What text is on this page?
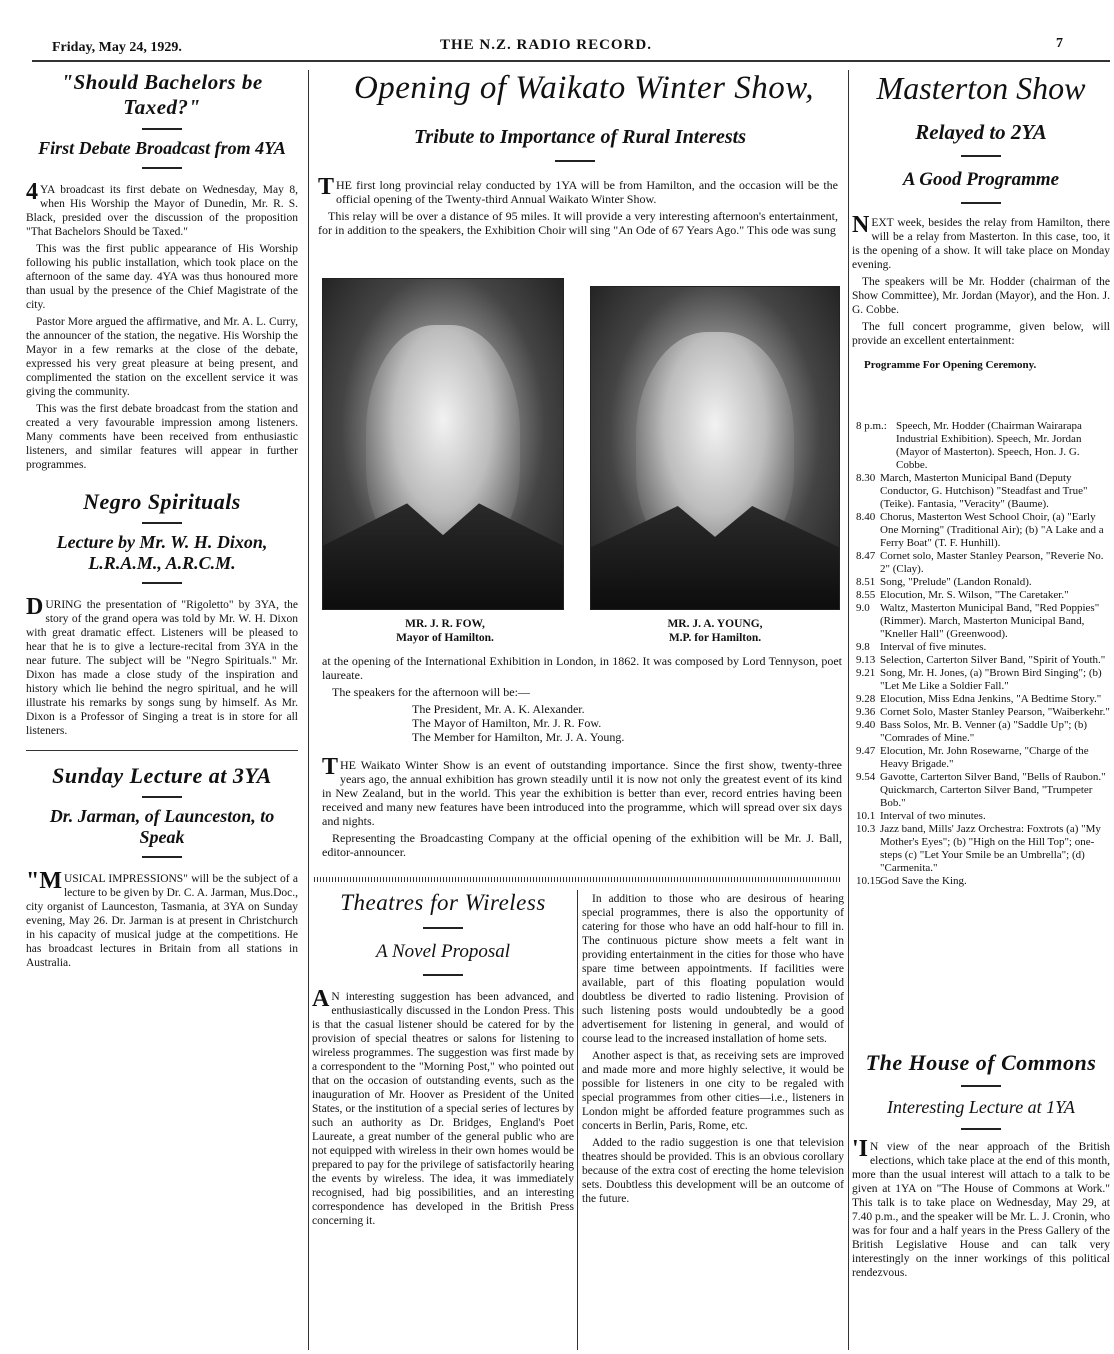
Friday, May 24, 1929.	THE N.Z. RADIO RECORD.	7
"Should Bachelors be Taxed?"
First Debate Broadcast from 4YA

4 YA broadcast its first debate on Wednesday, May 8, when His Worship the Mayor of Dunedin, Mr. R. S. Black, presided over the discussion of the proposition "That Bachelors Should be Taxed."

This was the first public appearance of His Worship following his public installation, which took place on the afternoon of the same day. 4YA was thus honoured more than usual by the presence of the Chief Magistrate of the city.

Pastor More argued the affirmative, and Mr. A. L. Curry, the announcer of the station, the negative. His Worship the Mayor in a few remarks at the close of the debate, expressed his very great pleasure at being present, and complimented the station on the excellent service it was giving the community.

This was the first debate broadcast from the station and created a very favourable impression among listeners. Many comments have been received from enthusiastic listeners, and similar features will appear in further programmes.

Negro Spirituals
Lecture by Mr. W. H. Dixon, L.R.A.M., A.R.C.M.

DURING the presentation of "Rigoletto" by 3YA, the story of the grand opera was told by Mr. W. H. Dixon with great dramatic effect. Listeners will be pleased to hear that he is to give a lecture-recital from 3YA in the near future. The subject will be "Negro Spirituals." Mr. Dixon has made a close study of the inspiration and history which lie behind the negro spiritual, and he will illustrate his remarks by songs sung by himself. As Mr. Dixon is a Professor of Singing a treat is in store for all listeners.

Sunday Lecture at 3YA
Dr. Jarman, of Launceston, to Speak

"MUSICAL IMPRESSIONS" will be the subject of a lecture to be given by Dr. C. A. Jarman, Mus.Doc., city organist of Launceston, Tasmania, at 3YA on Sunday evening, May 26. Dr. Jarman is at present in Christchurch in his capacity of musical judge at the competitions. He has broadcast lectures in Britain from all stations in Australia.

Opening of Waikato Winter Show,
Tribute to Importance of Rural Interests

THE first long provincial relay conducted by 1YA will be from Hamilton, and the occasion will be the official opening of the Twenty-third Annual Waikato Winter Show.

This relay will be over a distance of 95 miles. It will provide a very interesting afternoon's entertainment, for in addition to the speakers, the Exhibition Choir will sing "An Ode of 67 Years Ago." This ode was sung

MR. J. R. FOW,
Mayor of Hamilton.
MR. J. A. YOUNG,
M.P. for Hamilton.

at the opening of the International Exhibition in London, in 1862. It was composed by Lord Tennyson, poet laureate.

The speakers for the afternoon will be:—

The President, Mr. A. K. Alexander.
The Mayor of Hamilton, Mr. J. R. Fow.
The Member for Hamilton, Mr. J. A. Young.

THE Waikato Winter Show is an event of outstanding importance. Since the first show, twenty-three years ago, the annual exhibition has grown steadily until it is now not only the greatest event of its kind in New Zealand, but in the world. This year the exhibition is better than ever, record entries having been received and many new features have been introduced into the programme, which will spread over six days and nights.

Representing the Broadcasting Company at the official opening of the exhibition will be Mr. J. Ball, editor-announcer.

Theatres for Wireless
A Novel Proposal

A N interesting suggestion has been advanced, and enthusiastically discussed in the London Press. This is that the casual listener should be catered for by the provision of special theatres or salons for listening to wireless programmes. The suggestion was first made by a correspondent to the "Morning Post," who pointed out that on the occasion of outstanding events, such as the inauguration of Mr. Hoover as President of the United States, or the institution of a special series of lectures by such an authority as Dr. Bridges, England's Poet Laureate, a great number of the general public who are not equipped with wireless in their own homes would be prepared to pay for the privilege of satisfactorily hearing the events by wireless. The idea, it was immediately recognised, had big possibilities, and an interesting correspondence has developed in the British Press concerning it.

In addition to those who are desirous of hearing special programmes, there is also the opportunity of catering for those who have an odd half-hour to fill in. The continuous picture show meets a felt want in providing entertainment in the cities for those who have spare time between appointments. If facilities were available, part of this floating population would doubtless be diverted to radio listening. Provision of such listening posts would undoubtedly be a good advertisement for listening in general, and would of course lead to the increased installation of home sets.

Another aspect is that, as receiving sets are improved and made more and more highly selective, it would be possible for listeners in one city to be regaled with special programmes from other cities—i.e., listeners in London might be afforded feature programmes such as concerts in Berlin, Paris, Rome, etc.

Added to the radio suggestion is one that television theatres should be provided. This is an obvious corollary because of the extra cost of erecting the home television sets. Doubtless this development will be an outcome of the future.

Masterton Show
Relayed to 2YA
A Good Programme

NEXT week, besides the relay from Hamilton, there will be a relay from Masterton. In this case, too, it is the opening of a show. It will take place on Monday evening.

The speakers will be Mr. Hodder (chairman of the Show Committee), Mr. Jordan (Mayor), and the Hon. J. G. Cobbe.

The full concert programme, given below, will provide an excellent entertainment:

Programme For Opening Ceremony.
8 p.m.: Speech, Mr. Hodder (Chairman Wairarapa Industrial Exhibition). Speech, Mr. Jordan (Mayor of Masterton). Speech, Hon. J. G. Cobbe.
8.30 March, Masterton Municipal Band (Deputy Conductor, G. Hutchison) "Steadfast and True" (Teike). Fantasia, "Veracity" (Baume).
8.40 Chorus, Masterton West School Choir, (a) "Early One Morning" (Traditional Air); (b) "A Lake and a Ferry Boat" (T. F. Hunhill).
8.47 Cornet solo, Master Stanley Pearson, "Reverie No. 2" (Clay).
8.51 Song, "Prelude" (Landon Ronald).
8.55 Elocution, Mr. S. Wilson, "The Caretaker."
9.0 Waltz, Masterton Municipal Band, "Red Poppies" (Rimmer). March, Masterton Municipal Band, "Kneller Hall" (Greenwood).
9.8 Interval of five minutes.
9.13 Selection, Carterton Silver Band, "Spirit of Youth."
9.21 Song, Mr. H. Jones, (a) "Brown Bird Singing"; (b) "Let Me Like a Soldier Fall."
9.28 Elocution, Miss Edna Jenkins, "A Bedtime Story."
9.36 Cornet Solo, Master Stanley Pearson, "Waiberkehr."
9.40 Bass Solos, Mr. B. Venner (a) "Saddle Up"; (b) "Comrades of Mine."
9.47 Elocution, Mr. John Rosewarne, "Charge of the Heavy Brigade."
9.54 Gavotte, Carterton Silver Band, "Bells of Raubon." Quickmarch, Carterton Silver Band, "Trumpeter Bob."
10.1 Interval of two minutes.
10.3 Jazz band, Mills' Jazz Orchestra: Foxtrots (a) "My Mother's Eyes"; (b) "High on the Hill Top"; one-steps (c) "Let Your Smile be an Umbrella"; (d) "Carmenita."
10.15 God Save the King.
The House of Commons
Interesting Lecture at 1YA

'I N view of the near approach of the British elections, which take place at the end of this month, more than the usual interest will attach to a talk to be given at 1YA on "The House of Commons at Work." This talk is to take place on Wednesday, May 29, at 7.40 p.m., and the speaker will be Mr. L. J. Cronin, who was for four and a half years in the Press Gallery of the British Legislative House and can talk very interestingly on the inner workings of this political rendezvous.
